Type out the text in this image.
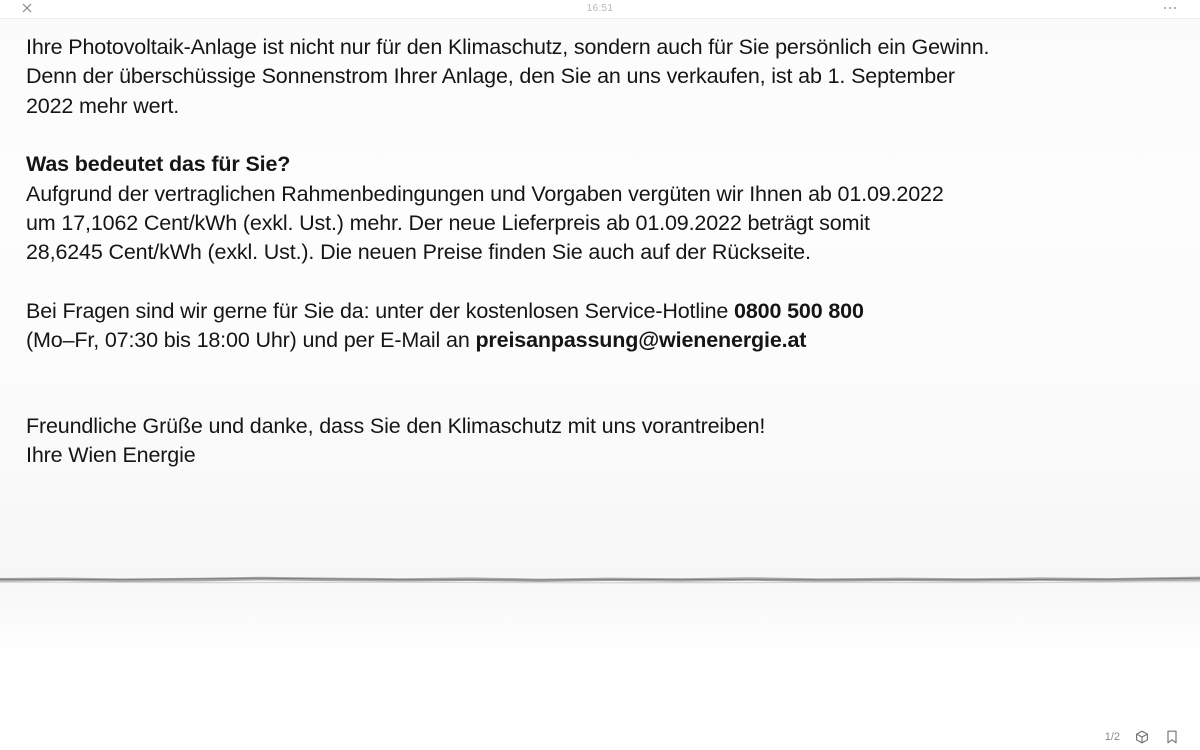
16:51

Ihre Photovoltaik-Anlage ist nicht nur für den Klimaschutz, sondern auch für Sie persönlich ein Gewinn.

Denn der überschüssige Sonnenstrom Ihrer Anlage, den Sie an uns verkaufen, ist ab 1. September

2022 mehr wert.

Was bedeutet das für Sie?

Aufgrund der vertraglichen Rahmenbedingungen und Vorgaben vergüten wir Ihnen ab 01.09.2022

um 17,1062 Cent/kWh (exkl. Ust.) mehr. Der neue Lieferpreis ab 01.09.2022 beträgt somit

28,6245 Cent/kWh (exkl. Ust.). Die neuen Preise finden Sie auch auf der Rückseite.

Bei Fragen sind wir gerne für Sie da: unter der kostenlosen Service-Hotline 0800 500 800

(Mo–Fr, 07:30 bis 18:00 Uhr) und per E-Mail an preisanpassung@wienenergie.at

Freundliche Grüße und danke, dass Sie den Klimaschutz mit uns vorantreiben!

Ihre Wien Energie

1/2
